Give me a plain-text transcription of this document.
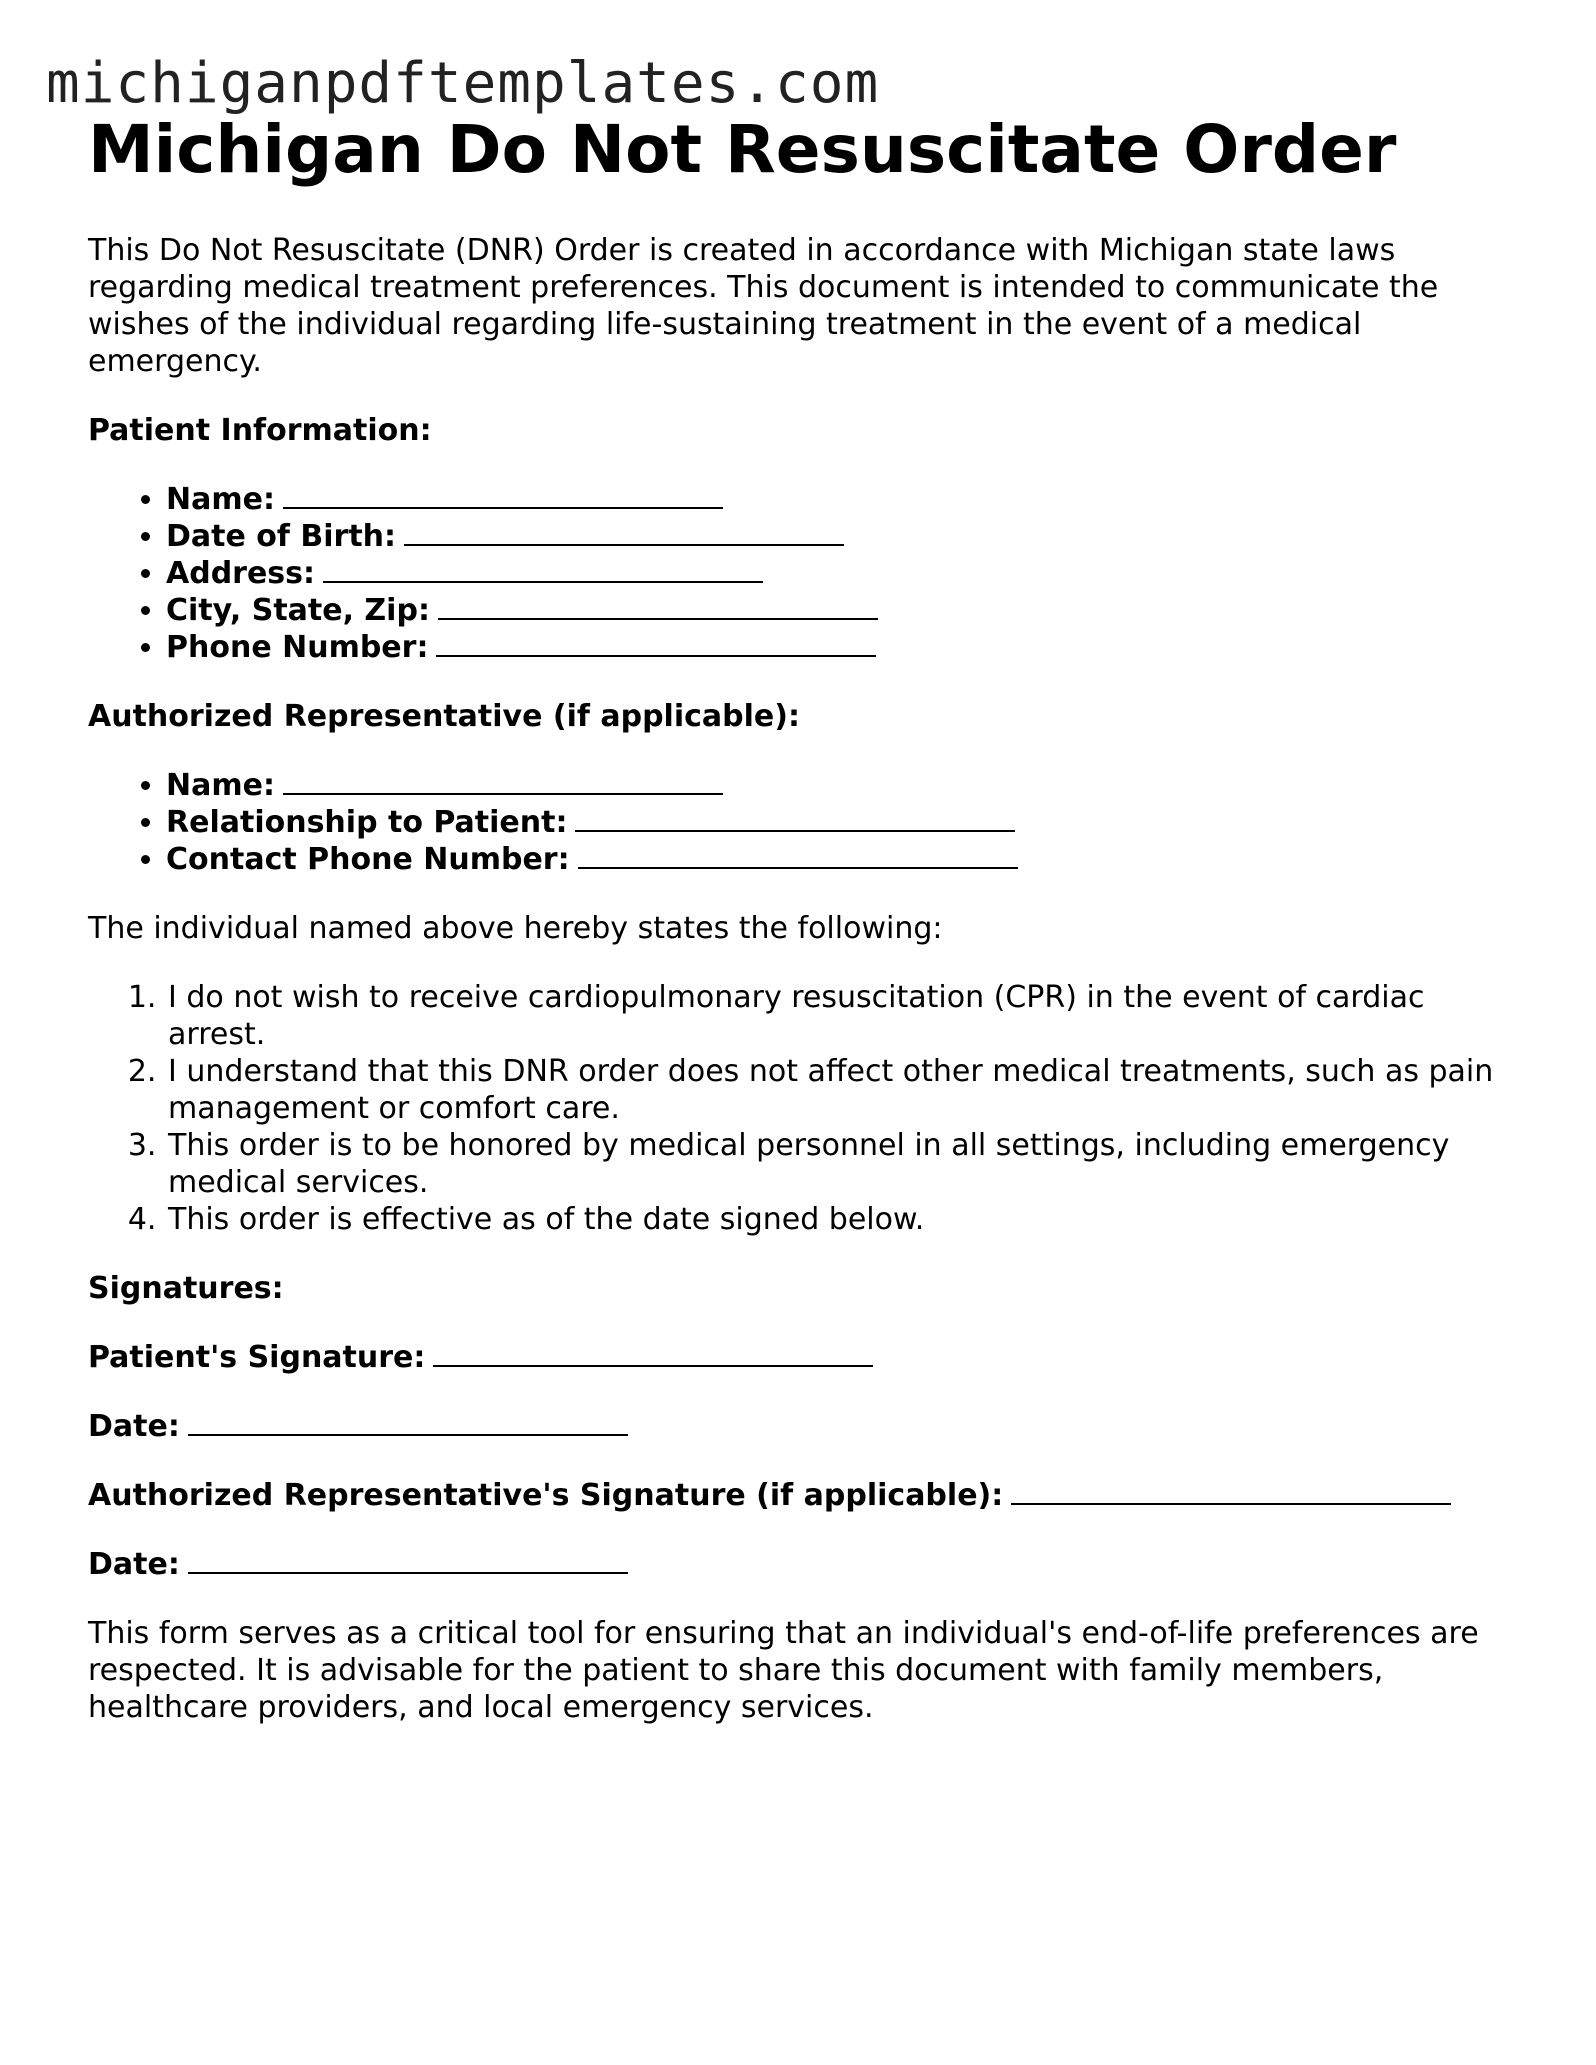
michiganpdftemplates.com
Michigan Do Not Resuscitate Order

This Do Not Resuscitate (DNR) Order is created in accordance with Michigan state laws regarding medical treatment preferences. This document is intended to communicate the wishes of the individual regarding life-sustaining treatment in the event of a medical emergency.

Patient Information:
• Name:
• Date of Birth:
• Address:
• City, State, Zip:
• Phone Number:
Authorized Representative (if applicable):
• Name:
• Relationship to Patient:
• Contact Phone Number:

The individual named above hereby states the following:

1. I do not wish to receive cardiopulmonary resuscitation (CPR) in the event of cardiac arrest.
2. I understand that this DNR order does not affect other medical treatments, such as pain management or comfort care.
3. This order is to be honored by medical personnel in all settings, including emergency medical services.
4. This order is effective as of the date signed below.
Signatures:
Patient's Signature:
Date:
Authorized Representative's Signature (if applicable):
Date:

This form serves as a critical tool for ensuring that an individual's end-of-life preferences are respected. It is advisable for the patient to share this document with family members, healthcare providers, and local emergency services.
